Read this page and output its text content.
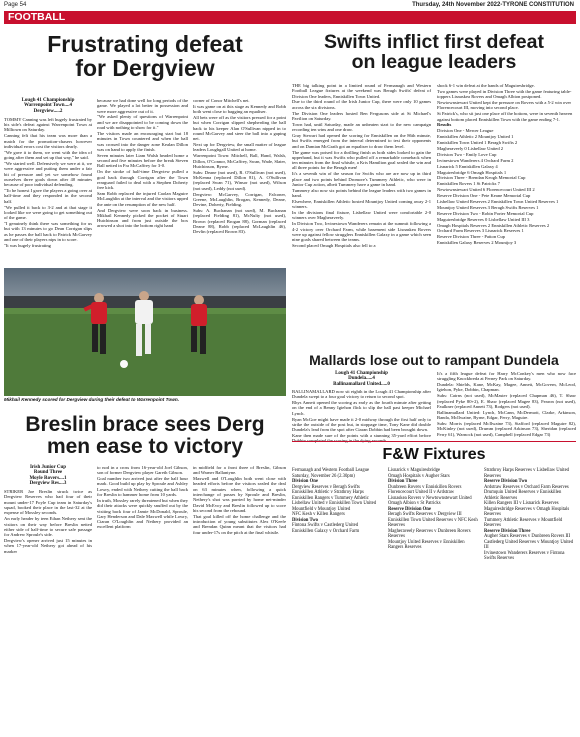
Page 54	Thursday, 24th November 2022-TYRONE CONSTITUTION
FOOTBALL
Frustrating defeat
for Dergview
Lough 41 Championship
Warrenpoint Town....4
Dergview.....2

TOMMY Canning was left hugely frustrated by his side's defeat against Warrenpoint Town at Milltown on Saturday.

Canning felt that his team was more than a match for the promotion-chasers however individual errors cost the visitors dearly.

"We gave it to them, we went with the idea of going after them and set up that way," he said.

"We started well. Defensively we were at it, we were aggressive and putting them under a fair bit of pressure and yet we somehow found ourselves three goals down after 40 minutes because of poor individual defending.

"To be honest I gave the players a going over at half-time and they responded in the second half.

"We pulled it back to 3-2 and at that stage it looked like we were going to get something out of the game.

"I genuinely think there was something for us but with 13 minutes to go Dean Corrigan slips as he passes the ball back to Patrick McGarvey and one of their players nips in to score.

"It was hugely frustrating

because we had done well for long periods of the game. We played a lot better in possession and were more aggressive out of it.

"We asked plenty of questions of Warrenpoint and we are disappointed to be coming down the road with nothing to show for it."

The visitors made an encouraging start but 18 minutes in Town countered and when the ball was crossed into the danger zone Kealan Dillon was on hand to apply the finish.

Seven minutes later Liam Walsh headed home a second and five minutes before the break Steven Ball netted in Fra McCaffrey for 3-0.

On the stroke of half-time Dergview pulled a goal back through Corrigan after the Town rearguard failed to deal with a Stephen Doherty free kick.

Sam Robb replaced the injured Caolan Maguire McLaughlin at the interval and the visitors upped the ante on the resumption of the new half.

And Dergview were soon back in business. Mikhail Kennedy picked the pocket of Stuart Hutchinson and from just outside the box arrowed a shot into the bottom right hand

corner of Conor Mitchell's net.

It was game on at this stage as Kennedy and Robb both went close to bagging an equaliser.

All bets were off as the visitors pressed for a point but when Corrigan slipped shepherding the ball back to his keeper Alan O'Sullivan nipped in to round McGarvey and steer the ball into a gaping net.

Next up for Dergview, the small matter of league leaders Loughgall United at home.

Warrenpoint Town: Mitchell, Ball, Hand, Walsh, Dillon, O'Connor, McCaffrey, Swan, Wade, Slater, Hutchinson, Byrne.

Subs: Deane (not used), R. O'Sullivan (not used), McKenna (replaced Dillon 81), A. O'Sullivan (replaced Swan 71), Winsor (not used), Wilson (not used), Leddy (not used).

Dergview: McGarvey, Corrigan, Falconer, Greene, McLaughlin, Brogan, Kennedy, Deane, Devine, Doherty, Fielding.

Subs: A. Buchanan (not used), M. Buchanan (replaced Fielding 81), McNulty (not used), Brown (replaced Brogan 88), Gorman (replaced Deane 88), Robb (replaced McLaughlin 46), Devlin (replaced Brown 83).

Mikhail Kennedy scored for Dergview during their defeat to Warrenpoint Town.
Swifts inflict first defeat
on league leaders

THE big talking point in a limited round of Fermanagh and Western Football League fixtures at the weekend was Beragh Swifts' defeat of Division One leaders, Enniskillen Town United.

Due to the third round of the Irish Junior Cup, there were only 10 games across the six divisions.

The Division One leaders hosted Ben Fergusons side at St Michael's Pavilion on Saturday.

Town had, until Saturday, made an unbeaten start to the new campaign recording ten wins and one draw.

Gray Stewart had opened the scoring for Enniskillen on the 86th minute, but Swifts emerged from the interval determined to test their opponents and on Damian McGrath got an equaliser to draw them level.

The game was poised for a thrilling finish as both sides looked to gain the upperhand, but it was Swifts who pulled off a remarkable comeback when ten minutes from the final whistle, a Kris Hamilton goal sealed the win and all three points for the Beragh men!

It's a seventh win of the season for Swifts who are are now up in third place and two points behind Dromore's Tummery Athletic, who were in Junior Cup action, albeit Tummery have a game in hand.

Tummery also now six points behind the league leaders with two games in hand.

Elsewhere, Enniskillen Athletic hosted Mountjoy United coming away 2-1 winners.

In the divisions final fixture, Lisbellaw United were comfortable 2-0 winners over Magheraveely.

In Division Two, Irvinestown Wanderers remain at the summit following a 4-2 victory over Orchard Farm, while basement side Lisnaskea Rovers were up against fellow strugglers Enniskillen Galaxy in a game which seen nine goals shared between the teams.

Second placed Omagh Hospitals also fell to a

shock 6-1 win defeat at the hands of Maguiresbridge.

Two games were played in Division Three with the game featuring table-toppers Lisnaskea Rovers and Omagh Albion postponed.

Newtownstewart United kept the pressure on Rovers with a 5-2 win over Florencecourt III, moving into second place.

St Patrick's, who sit just one place off the bottom, were in seventh heaven against bottom placed Enniskillen Town with the game ending 7-1.

Results

Division One - Mercer League

Enniskillen Athletic 2 Mountjoy United 1

Enniskillen Town United 1 Beragh Swifts 2

Magheraveely 0 Lisbellaw United 2

Division Two - Emily Love Cup

Irvinestown Wanderers 4 Orchard Farm 2

Lisnarick 5 Enniskillen Galaxy 4

Maguiresbridge 6 Omagh Hospitals 1

Division Three - Brendan Keogh Memorial Cup

Enniskillen Rovers 1 St Patricks 7

Newtownstewart United 6 Florencecourt United III 2

Reserve Division One - Pete Keane Memorial Cup

Lisbellaw United Reserves 2 Enniskillen Town United Reserves 1

Mountjoy United Reserves 3 Beragh Swifts Reserves 1

Reserve Division Two - Robin Porter Memorial Cup

Maguiresbridge Reserves 0 Lisbellaw United III 3

Omagh Hospitals Reserves 2 Enniskillen Athletic Reserves 2

Orchard Farm Reserves 3 Lisnarick Reserves 1

Reserve Division Three - Patton Cup

Enniskillen Galaxy Reserves 2 Mountjoy 3

Mallards lose out to rampant Dundela
Lough 41 Championship
Dundela.....4
Ballinamallard United.....0

BALLINAMALLARD now sit eighth in the Lough 41 Championship after Dundela swept to a four goal victory to return to second spot.

Rhys Annett opened the scoring as early as the fourth minute after getting on the end of a Benny Igiehon flick to slip the ball past keeper Michael Lynch.

Ryan McGoe might have made it 2-0 midway through the first half only to strike the outside of the post but, in stoppage time, Tony Kane did double Dundela's lead from the spot after Ciaran Dobbin had been brought down.

Kane then made sure of the points with a stunning 35-yard effort before

It's a fifth league defeat for Harry McConkey's men who now face struggling Knockbreda at Ferney Park on Saturday.

Dundela: Shields, Kane, McKay, Magee, Annett, McGovern, McLeod, Igiehon, Pyke, Dobbin, Chapman.

Subs: Cairns (not used), McMaster (replaced Chapman 46), T. Shaw (replaced Pyke 80+2), E. Shaw (replaced Magee 83), Fearon (not used), Faulkner (replaced Annett 73), Rodgers (not used).

Ballinamallard United: Lynch, McCann, McDermott, Clarke, Arkinson, Banda, McIlwaine, Byrne, Edgar, Ferry, Maguire.

Subs: Morris (replaced McIlwaine 73), Stafford (replaced Maguire 82), McKinley (not used), Drumm (replaced Arkinson 73), Sheridan (replaced Ferry 61), Warnock (not used), Campbell (replaced Edgar 73)

Breslin brace sees Derg
men ease to victory
Irish Junior Cup
Round Three
Moyle Rovers....1
Dergview Res....3

STRIKER Joe Breslin struck twice as Dergview Reserves who had four of their mount under-17 Foyle Cup team in Saturday's squad, booked their place in the last-32 at the expense of Mossley seconds.

An early header by teen Ethan Nethery sent the visitors on their way before Breslin netted either side of half-time to secure safe passage for Andrew Sproule's side.

Dergview's opener arrived just 15 minutes in when 17-year-old Nethery got ahead of his marker

to nod in a cross from 16-year-old Joel Gibson, son of former Dergview player Gareth Gibson.

Goal number two arrived just after the half hour mark. Good build up play by Sproule and Ashley Lowry, ended with Nethery cutting the ball back for Breslin to hammer home from 10 yards.

In truth, Mossley rarely threatened but when they did their attacks were quickly snuffed out by the visiting back four of Jamie McDonald, Sproule, Gary Henderson and Dale Maxwell while Lowry, Ciaran O'Loughlin and Nethery provided an excellent platform

in midfield for a front three of Breslin, Gibson and Warner Ballantyne.

Maxwell and O'Loughlin both went close with headed efforts before the visitors sealed the deal on 63 minutes when, following a quick interchange of passes by Sproule and Breslin, Nethery's shot was parried by home net-minder David McEvoy and Breslin followed up to score his second from the rebound.

That goal killed off the home challenge and the introduction of young substitutes Alex O'Keefe and Brendan Quinn meant that the visitors had four under-17s on the pitch at the final whistle.

F&W Fixtures
Fermanagh and Western Football League
Saturday, November 26 (2.30pm)
Division One
Dergview Reserves v Beragh Swifts
Enniskillen Athletic v Strathroy Harps
Enniskillen Rangers v Tummery Athletic
Lisbellaw United v Enniskillen Town United
Mountfield v Mountjoy United
NFC Kesh v Killen Rangers
Division Two
Fintona Swifts v Castlederg United
Enniskillen Galaxy v Orchard Farm
Lisnarick v Maguiresbridge
Omagh Hospitals v Augher Stars
Division Three
Dunbreen Rovers v Enniskillen Rovers
Florencecourt United II v Ardstraw
Lisnaskea Rovers v Newtownstewart United
Omagh Albion v St Patricks
Reserve Division One
Beragh Swifts Reserves v Dergview III
Enniskillen Town United Reserves v NFC Kesh Reserves
Magheraveely Reserves v Dunbreen Rovers Reserves
Mountjoy United Reserves v Enniskillen Rangers Reserves
Strathroy Harps Reserves v Lisbellaw United Reserves
Reserve Division Two
Ardstraw Reserves v Orchard Farm Reserves
Drumquin United Reserves v Enniskillen Athletic Reserves
Killen Rangers III v Lisnarick Reserves
Maguiresbridge Reserves v Omagh Hospitals Reserves
Tummery Athletic Reserves v Mountfield Reserves
Reserve Division Three
Augher Stars Reserves v Dunbreen Rovers III
Castlederg United Reserves v Mountjoy United III
Irvinestown Wanderers Reserves v Fintona Swifts Reserves
